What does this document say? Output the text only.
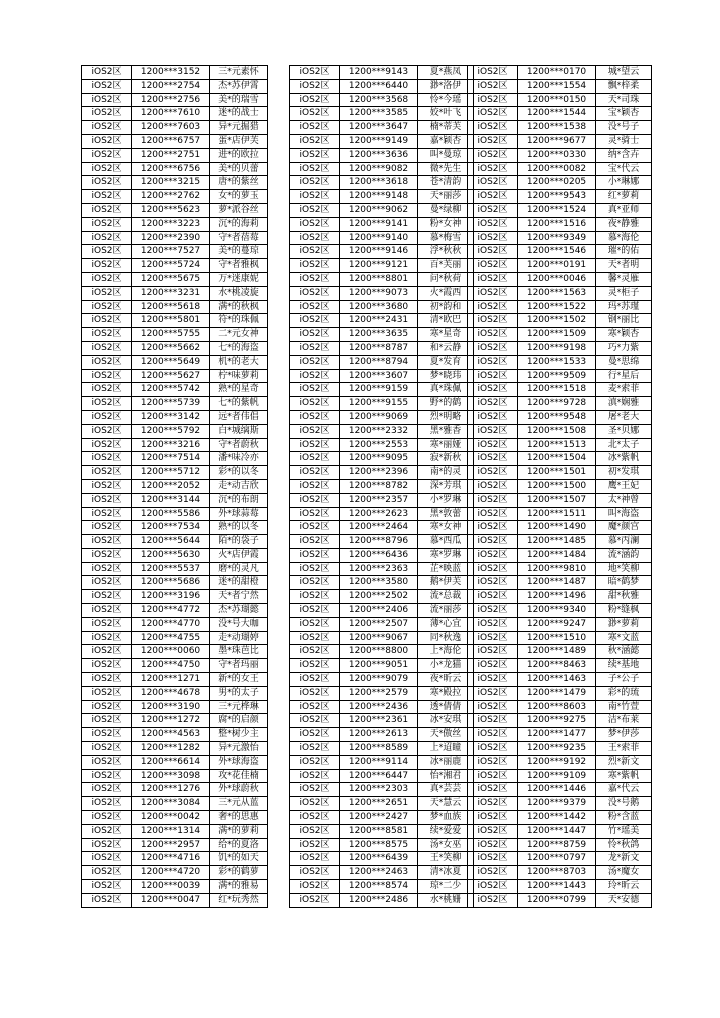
iOS2区	1200***3152	三*元素怀
iOS2区	1200***2754	杰*苏伊霄
iOS2区	1200***2756	美*的瑞雪
iOS2区	1200***7610	迷*的战士
iOS2区	1200***7603	异*元掘猎
iOS2区	1200***6757	蛋*店伊芙
iOS2区	1200***2751	进*的欧拉
iOS2区	1200***6756	美*的贝蕾
iOS2区	1200***3215	唐*的紫丝
iOS2区	1200***2762	女*的萝玉
iOS2区	1200***5623	萝*派谷丝
iOS2区	1200***3223	沉*的海莉
iOS2区	1200***2390	守*者蓓莓
iOS2区	1200***7527	美*的蔓琼
iOS2区	1200***5724	守*者雅枫
iOS2区	1200***5675	万*迷康妮
iOS2区	1200***3231	水*桃凌旋
iOS2区	1200***5618	满*的秋枫
iOS2区	1200***5801	符*的珠佩
iOS2区	1200***5755	二*元女神
iOS2区	1200***5662	七*的海盗
iOS2区	1200***5649	机*的老大
iOS2区	1200***5627	柠*味萝莉
iOS2区	1200***5742	熟*的星奇
iOS2区	1200***5739	七*的紫帆
iOS2区	1200***3142	远*者伟倡
iOS2区	1200***5792	白*城缡斯
iOS2区	1200***3216	守*者蔚秋
iOS2区	1200***7514	潘*味冷亦
iOS2区	1200***5712	彩*的以冬
iOS2区	1200***2052	走*动吉欣
iOS2区	1200***3144	沉*的布朗
iOS2区	1200***5586	外*球蒜莓
iOS2区	1200***7534	熟*的以冬
iOS2区	1200***5644	陌*的袋子
iOS2区	1200***5630	火*店伊霞
iOS2区	1200***5537	磨*的灵凡
iOS2区	1200***5686	迷*的甜橙
iOS2区	1200***3196	天*者宁然
iOS2区	1200***4772	杰*苏瑚懿
iOS2区	1200***4770	没*号大咖
iOS2区	1200***4755	走*动瑚婷
iOS2区	1200***0060	墨*珠芭比
iOS2区	1200***4750	守*者玛丽
iOS2区	1200***1271	新*的女王
iOS2区	1200***4678	男*的太子
iOS2区	1200***3190	三*元桦琳
iOS2区	1200***1272	腐*的启颜
iOS2区	1200***4563	整*树少主
iOS2区	1200***1282	异*元激怡
iOS2区	1200***6614	外*球海盗
iOS2区	1200***3098	攻*花佳楠
iOS2区	1200***1276	外*球蔚秋
iOS2区	1200***3084	三*元从蓝
iOS2区	1200***0042	奢*的思惠
iOS2区	1200***1314	满*的萝莉
iOS2区	1200***2957	给*的夏洛
iOS2区	1200***4716	饥*的如天
iOS2区	1200***4720	彩*的鹤萝
iOS2区	1200***0039	满*的雅易
iOS2区	1200***0047	红*玩秀然
iOS2区	1200***9143	夏*燕凤
iOS2区	1200***6440	渺*洛伊
iOS2区	1200***3568	怜*今瑶
iOS2区	1200***3585	姣*叶飞
iOS2区	1200***3647	楠*蒂芙
iOS2区	1200***9149	嘉*颖杏
iOS2区	1200***3636	叫*曼琼
iOS2区	1200***9082	微*先生
iOS2区	1200***3618	苍*清韵
iOS2区	1200***9148	天*丽莎
iOS2区	1200***9062	曼*绿柳
iOS2区	1200***9141	粉*女神
iOS2区	1200***9140	慕*梅雪
iOS2区	1200***9146	浮*秋秋
iOS2区	1200***9121	百*芙丽
iOS2区	1200***8801	问*秋荷
iOS2区	1200***9073	火*霞西
iOS2区	1200***3680	初*韵和
iOS2区	1200***2431	清*欧巴
iOS2区	1200***3635	寒*星奇
iOS2区	1200***8787	和*云静
iOS2区	1200***8794	夏*发育
iOS2区	1200***3607	梦*晓玮
iOS2区	1200***9159	真*珠佩
iOS2区	1200***9155	野*的鹤
iOS2区	1200***9069	烈*明略
iOS2区	1200***2332	黑*雅香
iOS2区	1200***2553	寒*丽娅
iOS2区	1200***9095	寂*新秋
iOS2区	1200***2396	南*的灵
iOS2区	1200***8782	深*芳琪
iOS2区	1200***2357	小*罗琳
iOS2区	1200***2623	黑*敦蕾
iOS2区	1200***2464	寒*女神
iOS2区	1200***8796	慕*西瓜
iOS2区	1200***6436	寒*罗琳
iOS2区	1200***2363	芷*映蓝
iOS2区	1200***3580	鹅*伊芙
iOS2区	1200***2502	流*总裁
iOS2区	1200***2406	流*丽莎
iOS2区	1200***2507	薄*心宜
iOS2区	1200***9067	同*秋逸
iOS2区	1200***8800	上*海伦
iOS2区	1200***9051	小*龙猫
iOS2区	1200***9079	夜*昕云
iOS2区	1200***2579	寒*殿拉
iOS2区	1200***2436	透*倩倩
iOS2区	1200***2361	冰*安琪
iOS2区	1200***2613	天*傲丝
iOS2区	1200***8589	上*迢瞳
iOS2区	1200***9114	冰*丽鹿
iOS2区	1200***6447	怡*湘君
iOS2区	1200***2303	真*芸芸
iOS2区	1200***2651	天*慧云
iOS2区	1200***2427	梦*血族
iOS2区	1200***8581	续*爱爱
iOS2区	1200***8575	汤*女巫
iOS2区	1200***6439	王*笑柳
iOS2区	1200***2463	清*冰夏
iOS2区	1200***8574	琼*二少
iOS2区	1200***2486	水*桃姗
iOS2区	1200***0170	城*望云
iOS2区	1200***1554	飘*梓柔
iOS2区	1200***0150	天*司珠
iOS2区	1200***1544	宝*颖杏
iOS2区	1200***1538	没*号子
iOS2区	1200***9677	灵*骑士
iOS2区	1200***0330	纳*含卉
iOS2区	1200***0082	宝*代云
iOS2区	1200***0205	小*琳娜
iOS2区	1200***9543	红*萝莉
iOS2区	1200***1524	真*亚师
iOS2区	1200***1516	夜*静雅
iOS2区	1200***9349	慕*海伦
iOS2区	1200***1546	璀*的佑
iOS2区	1200***0191	天*者明
iOS2区	1200***0046	馨*灵雁
iOS2区	1200***1563	灵*柜子
iOS2区	1200***1522	玛*苏瑾
iOS2区	1200***1502	钢*丽比
iOS2区	1200***1509	寒*颖杏
iOS2区	1200***9198	巧*力紫
iOS2区	1200***1533	曼*思绵
iOS2区	1200***9509	行*星后
iOS2区	1200***1518	麦*索菲
iOS2区	1200***9728	滇*娴雅
iOS2区	1200***9548	屠*老大
iOS2区	1200***1508	圣*贝娜
iOS2区	1200***1513	北*太子
iOS2区	1200***1504	冰*紫帆
iOS2区	1200***1501	初*发琪
iOS2区	1200***1500	鹰*王妃
iOS2区	1200***1507	太*神曾
iOS2区	1200***1511	叫*海盗
iOS2区	1200***1490	魔*颜宫
iOS2区	1200***1485	慕*丙澜
iOS2区	1200***1484	流*涵韵
iOS2区	1200***9810	地*笑柳
iOS2区	1200***1487	暗*鹤梦
iOS2区	1200***1496	甜*秋雅
iOS2区	1200***9340	粉*缝枫
iOS2区	1200***9247	渺*萝莉
iOS2区	1200***1510	寒*文蓝
iOS2区	1200***1489	秋*涵懿
iOS2区	1200***8463	续*基地
iOS2区	1200***1463	子*公子
iOS2区	1200***1479	彩*的琉
iOS2区	1200***8603	南*竹萱
iOS2区	1200***9275	洁*布莱
iOS2区	1200***1477	梦*伊莎
iOS2区	1200***9235	王*索菲
iOS2区	1200***9192	烈*新文
iOS2区	1200***9109	寒*紫帆
iOS2区	1200***1446	嘉*代云
iOS2区	1200***9379	没*号鹅
iOS2区	1200***1442	粉*含蓝
iOS2区	1200***1447	竹*瑶美
iOS2区	1200***8759	怜*秋鸽
iOS2区	1200***0797	龙*新文
iOS2区	1200***8703	汤*魔女
iOS2区	1200***1443	玲*昕云
iOS2区	1200***0799	天*安德
